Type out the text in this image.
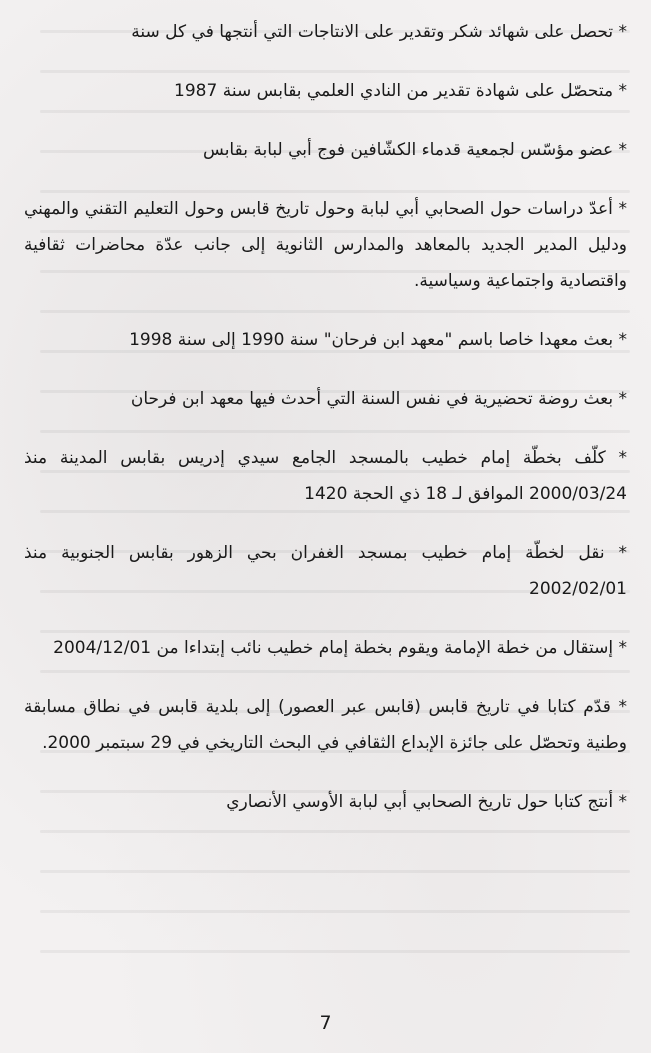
* تحصل على شهائد شكر وتقدير على الانتاجات التي أنتجها في كل سنة

* متحصّل على شهادة تقدير من النادي العلمي بقابس سنة 1987

* عضو مؤسّس لجمعية قدماء الكشّافين فوج أبي لبابة بقابس

* أعدّ دراسات حول الصحابي أبي لبابة وحول تاريخ قابس وحول التعليم التقني والمهني ودليل المدير الجديد بالمعاهد والمدارس الثانوية إلى جانب عدّة محاضرات ثقافية واقتصادية واجتماعية وسياسية.

* بعث معهدا خاصا باسم "معهد ابن فرحان" سنة 1990 إلى سنة 1998

* بعث روضة تحضيرية في نفس السنة التي أحدث فيها معهد ابن فرحان

* كلّف بخطّة إمام خطيب بالمسجد الجامع سيدي إدريس بقابس المدينة منذ 2000/03/24 الموافق لـ 18 ذي الحجة 1420

* نقل لخطّة إمام خطيب بمسجد الغفران بحي الزهور بقابس الجنوبية منذ 2002/02/01

* إستقال من خطة الإمامة ويقوم بخطة إمام خطيب نائب إبتداءا من 2004/12/01

* قدّم كتابا في تاريخ قابس (قابس عبر العصور) إلى بلدية قابس في نطاق مسابقة وطنية وتحصّل على جائزة الإبداع الثقافي في البحث التاريخي في 29 سبتمبر 2000.

* أنتج كتابا حول تاريخ الصحابي أبي لبابة الأوسي الأنصاري

7
